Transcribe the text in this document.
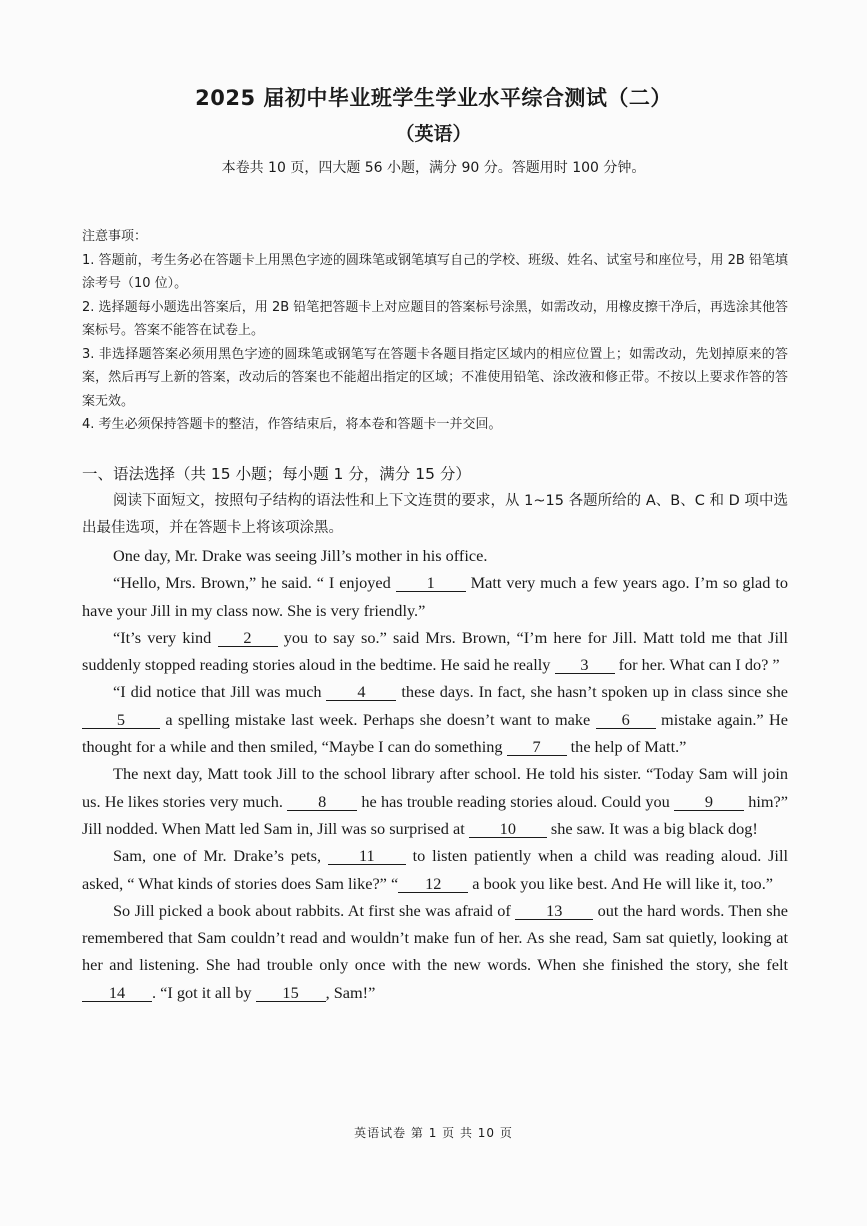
2025 届初中毕业班学生学业水平综合测试（二）
（英语）
本卷共 10 页，四大题 56 小题，满分 90 分。答题用时 100 分钟。

注意事项：

1. 答题前，考生务必在答题卡上用黑色字迹的圆珠笔或钢笔填写自己的学校、班级、姓名、试室号和座位号，用 2B 铅笔填涂考号（10 位）。

2. 选择题每小题选出答案后，用 2B 铅笔把答题卡上对应题目的答案标号涂黑，如需改动，用橡皮擦干净后，再选涂其他答案标号。答案不能答在试卷上。

3. 非选择题答案必须用黑色字迹的圆珠笔或钢笔写在答题卡各题目指定区域内的相应位置上；如需改动，先划掉原来的答案，然后再写上新的答案，改动后的答案也不能超出指定的区域；不准使用铅笔、涂改液和修正带。不按以上要求作答的答案无效。

4. 考生必须保持答题卡的整洁，作答结束后，将本卷和答题卡一并交回。

一、语法选择（共 15 小题；每小题 1 分，满分 15 分）

阅读下面短文，按照句子结构的语法性和上下文连贯的要求，从 1~15 各题所给的 A、B、C 和 D 项中选出最佳选项，并在答题卡上将该项涂黑。

One day, Mr. Drake was seeing Jill’s mother in his office.

“Hello, Mrs. Brown,” he said. “ I enjoyed 1 Matt very much a few years ago. I’m so glad to have your Jill in my class now. She is very friendly.”

“It’s very kind 2 you to say so.” said Mrs. Brown, “I’m here for Jill. Matt told me that Jill suddenly stopped reading stories aloud in the bedtime. He said he really 3 for her. What can I do? ”

“I did notice that Jill was much 4 these days. In fact, she hasn’t spoken up in class since she 5 a spelling mistake last week. Perhaps she doesn’t want to make 6 mistake again.” He thought for a while and then smiled, “Maybe I can do something 7 the help of Matt.”

The next day, Matt took Jill to the school library after school. He told his sister. “Today Sam will join us. He likes stories very much. 8 he has trouble reading stories aloud. Could you 9 him?” Jill nodded. When Matt led Sam in, Jill was so surprised at 10 she saw. It was a big black dog!

Sam, one of Mr. Drake’s pets, 11 to listen patiently when a child was reading aloud. Jill asked, “ What kinds of stories does Sam like?” “ 12 a book you like best. And He will like it, too.”

So Jill picked a book about rabbits. At first she was afraid of 13 out the hard words. Then she remembered that Sam couldn’t read and wouldn’t make fun of her. As she read, Sam sat quietly, looking at her and listening. She had trouble only once with the new words. When she finished the story, she felt 14 . “I got it all by 15 , Sam!”

英语试卷 第 1 页 共 10 页
